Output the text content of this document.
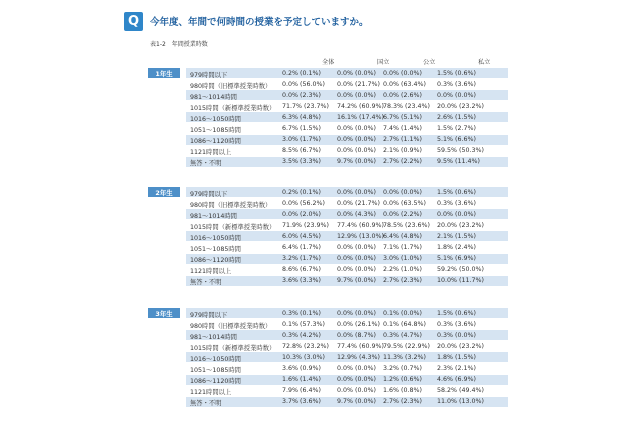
Q	今年度、年間で何時間の授業を予定していますか。
表1-2　年間授業時数
全体	国立	公立	私立
1年生	979時間以下	0.2% (0.1%)	0.0% (0.0%) 0.0% (0.0%) 1.5% (0.6%)
980時間（旧標準授業時数） 0.0% (56.0%) 0.0% (21.7%) 0.0% (63.4%) 0.3% (3.6%)
981～1014時間	0.0% (2.3%)	0.0% (0.0%) 0.0% (2.6%) 0.0% (0.0%)
1015時間（新標準授業時数） 71.7% (23.7%) 74.2% (60.9%) 78.3% (23.4%) 20.0% (23.2%)
1016～1050時間	6.3% (4.8%)	16.1% (17.4%) 6.7% (5.1%) 2.6% (1.5%)
1051～1085時間	6.7% (1.5%)	0.0% (0.0%) 7.4% (1.4%) 1.5% (2.7%)
1086～1120時間	3.0% (1.7%)	0.0% (0.0%) 2.7% (1.1%) 5.1% (6.6%)
1121時間以上	8.5% (6.7%)	0.0% (0.0%) 2.1% (0.9%) 59.5% (50.3%)
無答・不明	3.5% (3.3%)	9.7% (0.0%) 2.7% (2.2%) 9.5% (11.4%)
2年生	979時間以下	0.2% (0.1%)	0.0% (0.0%) 0.0% (0.0%) 1.5% (0.6%)
980時間（旧標準授業時数） 0.0% (56.2%) 0.0% (21.7%) 0.0% (63.5%) 0.3% (3.6%)
981～1014時間	0.0% (2.0%)	0.0% (4.3%) 0.0% (2.2%) 0.0% (0.0%)
1015時間（新標準授業時数） 71.9% (23.9%) 77.4% (60.9%) 78.5% (23.6%) 20.0% (23.2%)
1016～1050時間	6.0% (4.5%)	12.9% (13.0%) 6.4% (4.8%) 2.1% (1.5%)
1051～1085時間	6.4% (1.7%)	0.0% (0.0%) 7.1% (1.7%) 1.8% (2.4%)
1086～1120時間	3.2% (1.7%)	0.0% (0.0%) 3.0% (1.0%) 5.1% (6.9%)
1121時間以上	8.6% (6.7%)	0.0% (0.0%) 2.2% (1.0%) 59.2% (50.0%)
無答・不明	3.6% (3.3%)	9.7% (0.0%) 2.7% (2.3%) 10.0% (11.7%)
3年生	979時間以下	0.3% (0.1%)	0.0% (0.0%) 0.1% (0.0%) 1.5% (0.6%)
980時間（旧標準授業時数） 0.1% (57.3%) 0.0% (26.1%) 0.1% (64.8%) 0.3% (3.6%)
981～1014時間	0.3% (4.2%)	0.0% (8.7%) 0.3% (4.7%) 0.3% (0.0%)
1015時間（新標準授業時数） 72.8% (23.2%) 77.4% (60.9%) 79.5% (22.9%) 20.0% (23.2%)
1016～1050時間	10.3% (3.0%) 12.9% (4.3%) 11.3% (3.2%) 1.8% (1.5%)
1051～1085時間	3.6% (0.9%)	0.0% (0.0%) 3.2% (0.7%) 2.3% (2.1%)
1086～1120時間	1.6% (1.4%)	0.0% (0.0%) 1.2% (0.6%) 4.6% (6.9%)
1121時間以上	7.9% (6.4%)	0.0% (0.0%) 1.6% (0.8%) 58.2% (49.4%)
無答・不明	3.7% (3.6%)	9.7% (0.0%) 2.7% (2.3%) 11.0% (13.0%)
